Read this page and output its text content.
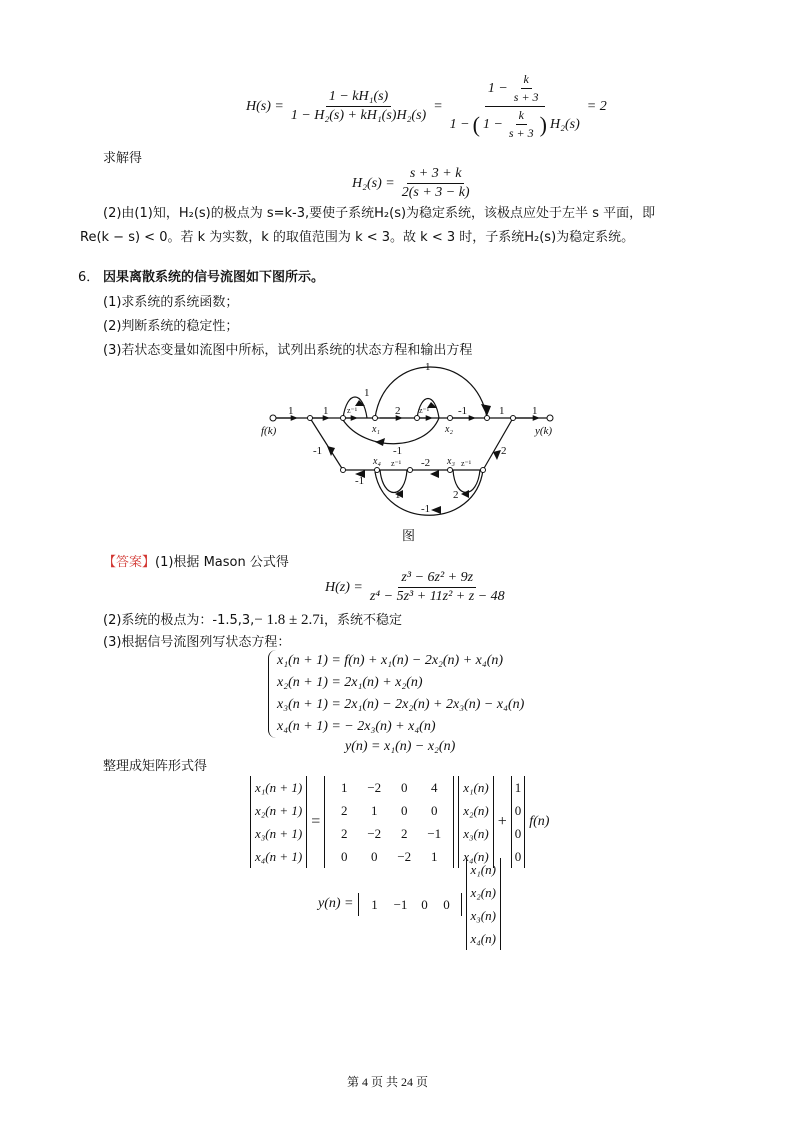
$H(s) = \frac{\text{1 − kH₁(s)}}{\text{1 − H₂(s) + kH₁(s)H₂(s)}}$ =
$1 - \frac{k}{s + 3}$
1 − ( $1 - \frac{k}{s + 3}$ ) H₂(s)
= 2
求解得
$H_2(s) = \frac{s + 3 + k}{2(s + 3 - k)}$
(2)由(1)知，H₂(s)的极点为 s=k-3,要使子系统H₂(s)为稳定系统，该极点应处于左半 s 平面，即
Re(k − s) < 0。若 k 为实数，k 的取值范围为 k < 3。故 k < 3 时，子系统H₂(s)为稳定系统。
6． 因果离散系统的信号流图如下图所示。
(1)求系统的系统函数；
(2)判断系统的稳定性；
(3)若状态变量如流图中所标，试列出系统的状态方程和输出方程
f(k)	y(k)
1	1
1
2	-1	1	1
1
2
-1	-1
-2
-1
1	2
-1
z⁻¹	z⁻¹
z⁻¹	z⁻¹
x₁	x₂
x₃
x₄
图
【答案】(1)根据 Mason 公式得
$H(z) = \frac{\text{z³ − 6z² + 9z}}{\text{z⁴ − 5z³ + 11z² + z − 48}}$
(2)系统的极点为：-1.5,3,− 1.8 ± 2.7i，系统不稳定
(3)根据信号流图列写状态方程：
x₁(n + 1) = f(n) + x₁(n) − 2x₂(n) + x₄(n)
x₂(n + 1) = 2x₁(n) + x₂(n)
x₃(n + 1) = 2x₁(n) − 2x₂(n) + 2x₃(n) − x₄(n)
x₄(n + 1) = − 2x₃(n) + x₄(n)
y(n) = x₁(n) − x₂(n)
整理成矩阵形式得
x₁(n + 1)
x₂(n + 1)
x₃(n + 1)
x₄(n + 1)
=
1	−2	0	4
2	1	0	0
2	−2	2	−1
0	0	−2	1
x₁(n)
x₂(n)
x₃(n)
x₄(n)
+
1
0
0
0
f(n)
y(n) =	1	−1	0	0
x₁(n)
x₂(n)
x₃(n)
x₄(n)
第 4 页 共 24 页
